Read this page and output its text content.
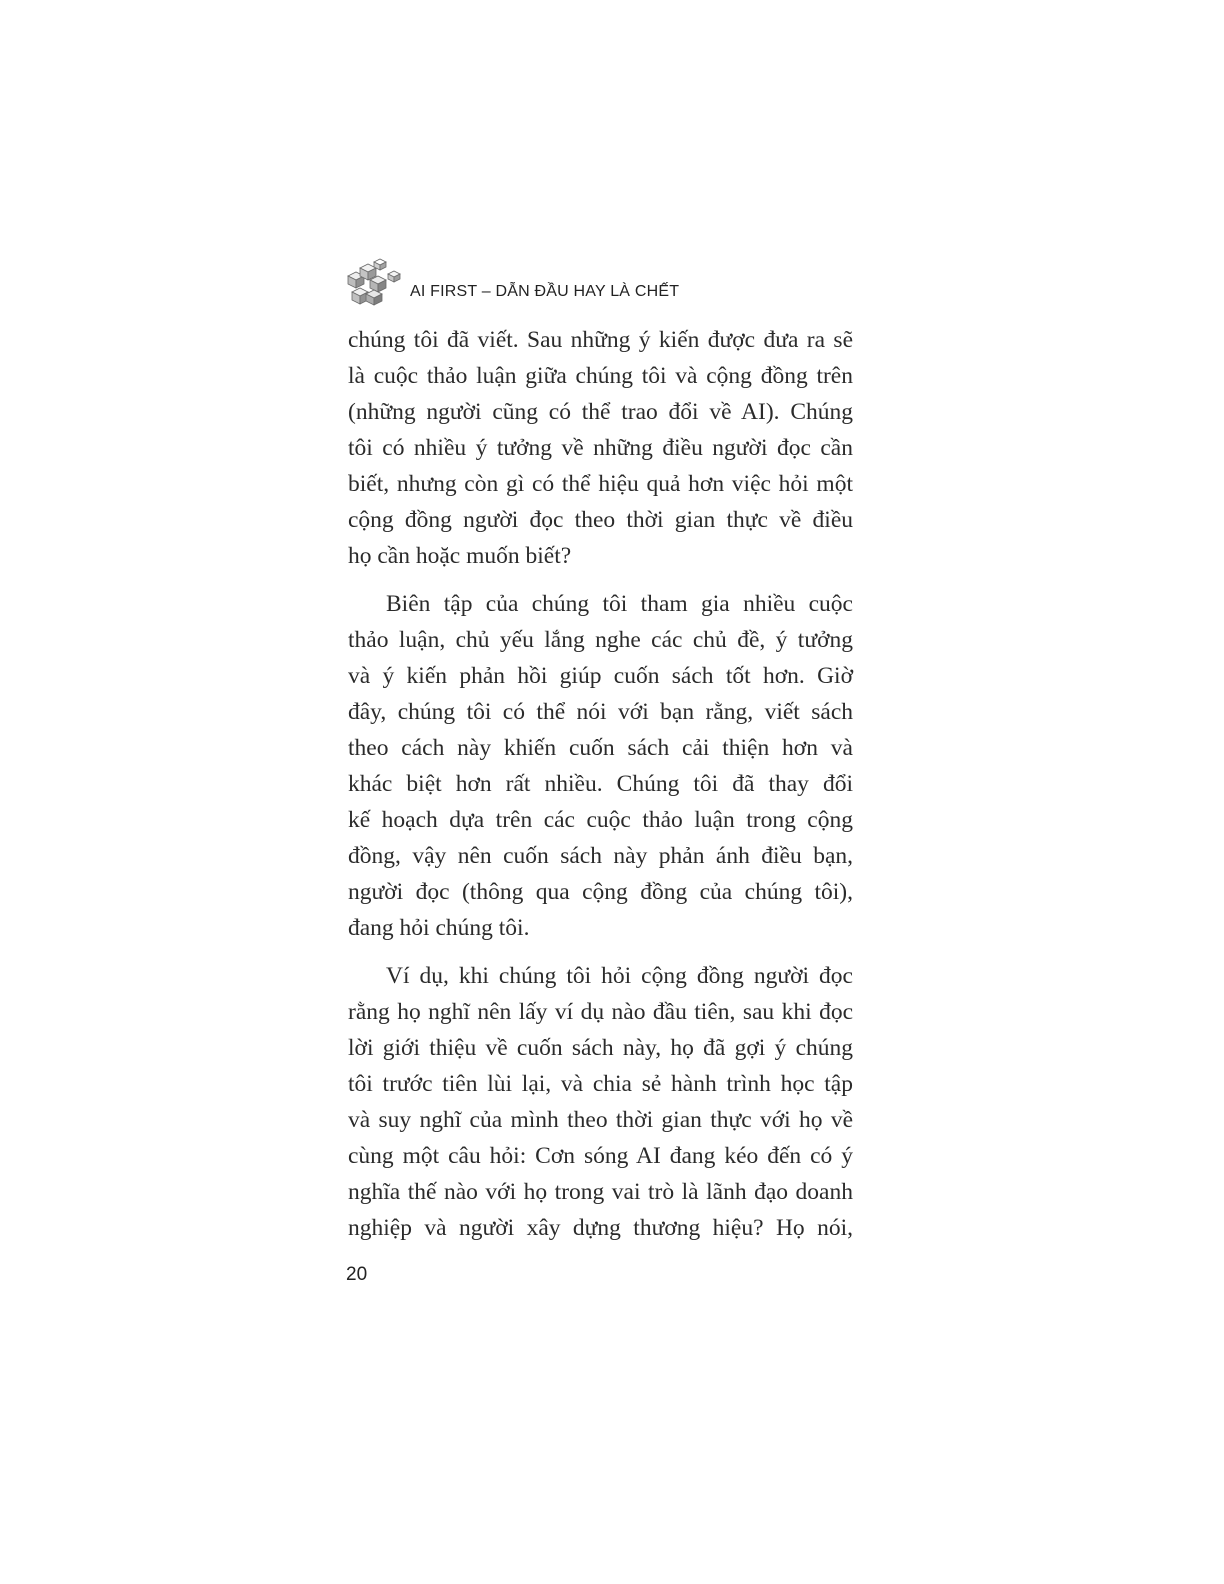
AI FIRST – DẪN ĐẦU HAY LÀ CHẾT
chúng tôi đã viết. Sau những ý kiến được đưa ra sẽ
là cuộc thảo luận giữa chúng tôi và cộng đồng trên
(những người cũng có thể trao đổi về AI). Chúng
tôi có nhiều ý tưởng về những điều người đọc cần
biết, nhưng còn gì có thể hiệu quả hơn việc hỏi một
cộng đồng người đọc theo thời gian thực về điều
họ cần hoặc muốn biết?
Biên tập của chúng tôi tham gia nhiều cuộc
thảo luận, chủ yếu lắng nghe các chủ đề, ý tưởng
và ý kiến phản hồi giúp cuốn sách tốt hơn. Giờ
đây, chúng tôi có thể nói với bạn rằng, viết sách
theo cách này khiến cuốn sách cải thiện hơn và
khác biệt hơn rất nhiều. Chúng tôi đã thay đổi
kế hoạch dựa trên các cuộc thảo luận trong cộng
đồng, vậy nên cuốn sách này phản ánh điều bạn,
người đọc (thông qua cộng đồng của chúng tôi),
đang hỏi chúng tôi.
Ví dụ, khi chúng tôi hỏi cộng đồng người đọc
rằng họ nghĩ nên lấy ví dụ nào đầu tiên, sau khi đọc
lời giới thiệu về cuốn sách này, họ đã gợi ý chúng
tôi trước tiên lùi lại, và chia sẻ hành trình học tập
và suy nghĩ của mình theo thời gian thực với họ về
cùng một câu hỏi: Cơn sóng AI đang kéo đến có ý
nghĩa thế nào với họ trong vai trò là lãnh đạo doanh
nghiệp và người xây dựng thương hiệu? Họ nói,
20
